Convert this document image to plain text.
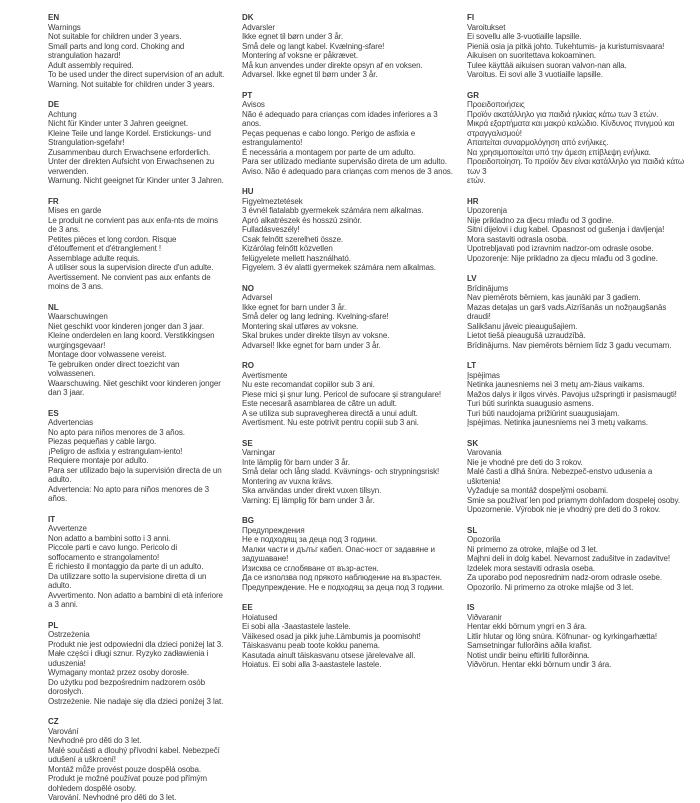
EN
Warnings
Not suitable for children under 3 years.
Small parts and long cord. Choking and strangulation hazard!
Adult assembly required.
To be used under the direct supervision of an adult.
Warning. Not suitable for children under 3 years.
DE
Achtung
Nicht für Kinder unter 3 Jahren geeignet.
Kleine Teile und lange Kordel. Erstickungs- und Strangulation-sgefahr!
Zusammenbau durch Erwachsene erforderlich.
Unter der direkten Aufsicht von Erwachsenen zu verwenden.
Warnung. Nicht geeignet für Kinder unter 3 Jahren.
FR
Mises en garde
Le produit ne convient pas aux enfa-nts de moins de 3 ans.
Petites pièces et long cordon. Risque
d'étouffement et d'étranglement !
Assemblage adulte requis.
À utiliser sous la supervision directe d'un adulte.
Avertissement. Ne convient pas aux enfants de moins de 3 ans.
NL
Waarschuwingen
Niet geschikt voor kinderen jonger dan 3 jaar.
Kleine onderdelen en lang koord. Verstikkingsen wurgingsgevaar!
Montage door volwassene vereist.
Te gebruiken onder direct toezicht van volwassenen.
Waarschuwing. Niet geschikt voor kinderen jonger dan 3 jaar.
ES
Advertencias
No apto para niños menores de 3 años.
Piezas pequeñas y cable largo.
¡Peligro de asfixia y estrangulam-iento!
Requiere montaje por adulto.
Para ser utilizado bajo la supervisión directa de un adulto.
Advertencia: No apto para niños menores de 3 años.
IT
Avvertenze
Non adatto a bambini sotto i 3 anni.
Piccole parti e cavo lungo. Pericolo di
soffocamento e strangolamento!
È richiesto il montaggio da parte di un adulto.
Da utilizzare sotto la supervisione diretta di un adulto.
Avvertimento. Non adatto a bambini di età inferiore a 3 anni.
PL
Ostrzeżenia
Produkt nie jest odpowiedni dla dzieci poniżej lat 3.
Małe części i długi sznur. Ryzyko zadławienia i uduszenia!
Wymagany montaż przez osoby dorosłe.
Do użytku pod bezpośrednim nadzorem osób dorosłych.
Ostrzeżenie. Nie nadaje się dla dzieci poniżej 3 lat.
CZ
Varování
Nevhodné pro děti do 3 let.
Malé součásti a dlouhý přívodní kabel. Nebezpečí udušení a uškrcení!
Montáž může provést pouze dospělá osoba.
Produkt je možné používat pouze pod přímým dohledem dospělé osoby.
Varování. Nevhodné pro děti do 3 let.
DK
Advarsler
Ikke egnet til børn under 3 år.
Små dele og langt kabel. Kvælning-sfare!
Montering af voksne er påkrævet.
Må kun anvendes under direkte opsyn af en voksen.
Advarsel. Ikke egnet til børn under 3 år.
PT
Avisos
Não é adequado para crianças com idades inferiores a 3 anos.
Peças pequenas e cabo longo. Perigo de asfixia e estrangulamento!
É necessária a montagem por parte de um adulto.
Para ser utilizado mediante supervisão direta de um adulto.
Aviso. Não é adequado para crianças com menos de 3 anos.
HU
Figyelmeztetések
3 évnél fiatalabb gyermekek számára nem alkalmas.
Apró alkatrészek és hosszú zsinór.
Fulladásveszély!
Csak felnőtt szerelheti össze.
Kizárólag felnőtt közvetlen
felügyelete mellett használható.
Figyelem. 3 év alatti gyermekek számára nem alkalmas.
NO
Advarsel
Ikke egnet for barn under 3 år.
Små deler og lang ledning. Kvelning-sfare!
Montering skal utføres av voksne.
Skal brukes under direkte tilsyn av voksne.
Advarsel! Ikke egnet for barn under 3 år.
RO
Avertismente
Nu este recomandat copiilor sub 3 ani.
Piese mici și șnur lung. Pericol de sufocare și strangulare!
Este necesară asamblarea de către un adult.
A se utiliza sub supravegherea directă a unui adult.
Avertisment. Nu este potrivit pentru copiii sub 3 ani.
SE
Varningar
Inte lämplig för barn under 3 år.
Små delar och lång sladd. Kvävnings- och strypningsrisk!
Montering av vuxna krävs.
Ska användas under direkt vuxen tillsyn.
Varning: Ej lämplig för barn under 3 år.
BG
Предупреждения
Не е подходящ за деца под 3 години.
Малки части и дълъг кабел. Опас-ност от задавяне и задушаване!
Изисква се сглобяване от възр-астен.
Да се използва под прякото наблюдение на възрастен.
Предупреждение. Не е подходящ за деца под 3 години.
EE
Hoiatused
Ei sobi alla -3aastastele lastele.
Väikesed osad ja pikk juhe.Lämbumis ja poomisoht!
Täiskasvanu peab toote kokku panema.
Kasutada ainult täiskasvanu otsese järelevalve all.
Hoiatus. Ei sobi alla 3-aastastele lastele.
FI
Varoitukset
Ei sovellu alle 3-vuotiaille lapsille.
Pieniä osia ja pitkä johto. Tukehtumis- ja kuristumisvaara!
Aikuisen on suoritettava kokoaminen.
Tulee käyttää aikuisen suoran valvon-nan alla.
Varoitus. Ei sovi alle 3 vuotiaille lapsille.
GR
Προειδοποιήσεις
Προϊόν ακατάλληλο για παιδιά ηλικίας κάτω των 3 ετών.
Μικρά εξαρτήματα και μακρύ καλώδιο. Κίνδυνος πνιγμού και
στραγγαλισμού!
Απαιτείται συναρμολόγηση από ενήλικες.
Να χρησιμοποιείται υπό την άμεση επίβλεψη ενήλικα.
Προειδοποίηση. Το προϊόν δεν είναι κατάλληλο για παιδιά κάτω των 3
ετών.
HR
Upozorenja
Nije prikladno za djecu mlađu od 3 godine.
Sitni dijelovi i dug kabel. Opasnost od gušenja i davljenja!
Mora sastaviti odrasla osoba.
Upotrebljavati pod izravnim nadzor-om odrasle osobe.
Upozorenje: Nije prikladno za djecu mlađu od 3 godine.
LV
Brīdinājums
Nav piemērots bērniem, kas jaunāki par 3 gadiem.
Mazas detaļas un garš vads.Aizrīšanās un nožņaugšanās draudi!
Salikšanu jāveic pieaugušajiem.
Lietot tiešā pieaugušā uzraudzībā.
Brīdinājums. Nav piemērots bērniem līdz 3 gadu vecumam.
LT
Įspėjimas
Netinka jaunesniems nei 3 metų am-žiaus vaikams.
Mažos dalys ir ilgos virvės. Pavojus užspringti ir pasismaugti!
Turi būti surinkta suaugusio asmens.
Turi būti naudojama prižiūrint suaugusiajam.
Įspėjimas. Netinka jaunesniems nei 3 metų vaikams.
SK
Varovania
Nie je vhodné pre deti do 3 rokov.
Malé časti a dlhá šnúra. Nebezpeč-enstvo udusenia a uškrtenia!
Vyžaduje sa montáž dospelými osobami.
Smie sa používať len pod priamym dohľadom dospelej osoby.
Upozornenie. Výrobok nie je vhodný pre deti do 3 rokov.
SL
Opozorila
Ni primerno za otroke, mlajše od 3 let.
Majhni deli in dolg kabel. Nevarnost zadušitve in zadavitve!
Izdelek mora sestaviti odrasla oseba.
Za uporabo pod neposrednim nadz-orom odrasle osebe.
Opozorilo. Ni primerno za otroke mlajše od 3 let.
IS
Viðvaranir
Hentar ekki börnum yngri en 3 ára.
Litlir hlutar og löng snúra. Köfnunar- og kyrkingarhætta!
Samsetningar fullorðins aðila krafist.
Notist undir beinu eftirliti fullorðinna.
Viðvörun. Hentar ekki börnum undir 3 ára.
